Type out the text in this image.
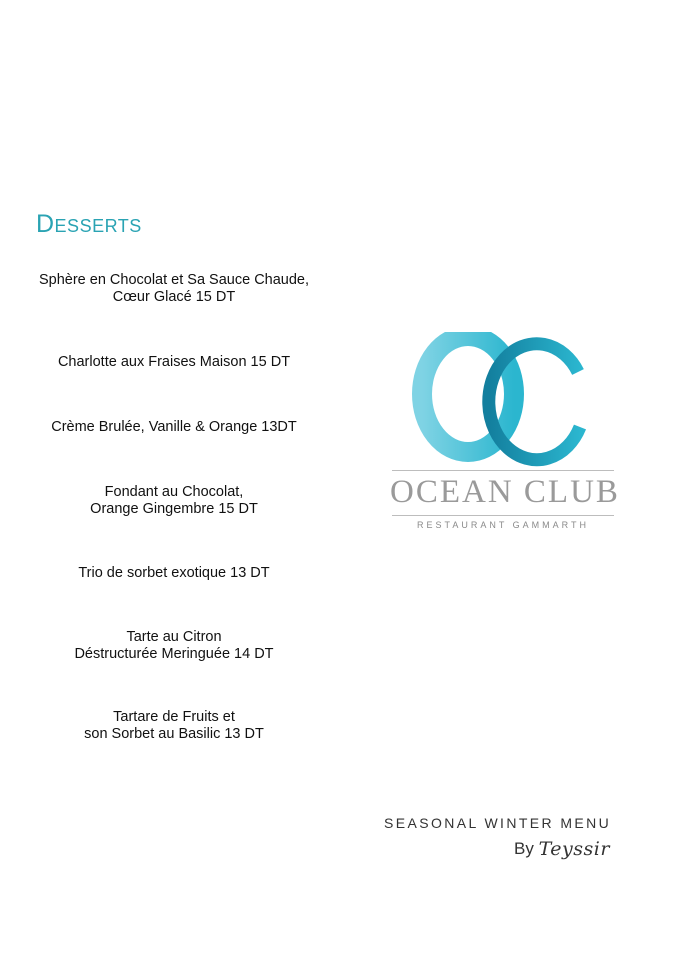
Desserts
Sphère en Chocolat et Sa Sauce Chaude,
Cœur Glacé 15 DT
Charlotte aux Fraises Maison 15 DT
Crème Brulée, Vanille & Orange 13DT
Fondant au Chocolat,
Orange Gingembre 15 DT
Trio de sorbet exotique 13 DT
Tarte au Citron
Déstructurée Meringuée 14 DT
Tartare de Fruits et
son Sorbet au Basilic 13 DT
OCEAN CLUB
RESTAURANT GAMMARTH
SEASONAL WINTER MENU
By Teyssir
